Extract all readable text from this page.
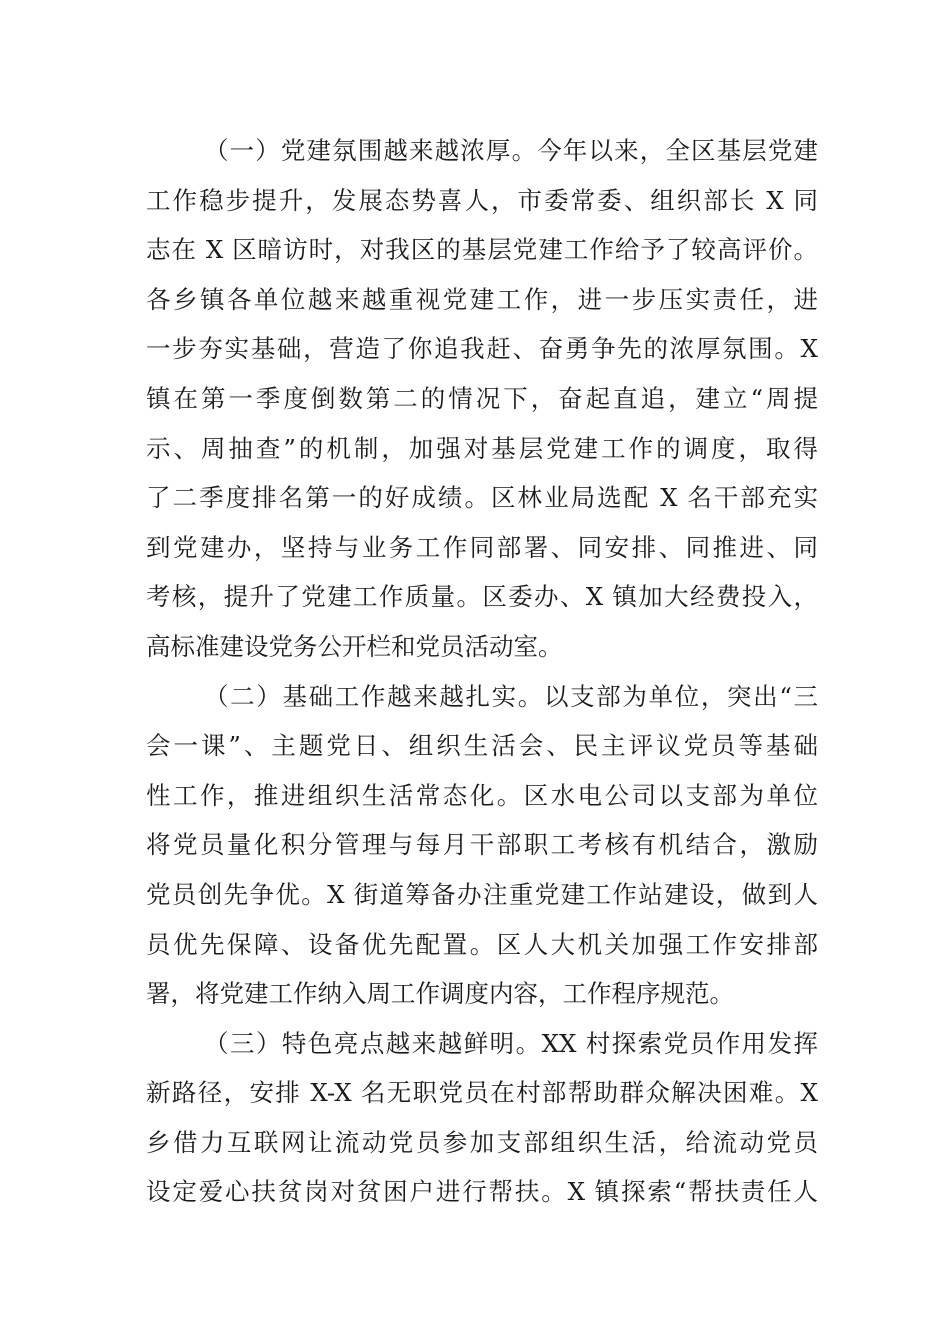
（一）党建氛围越来越浓厚。今年以来，全区基层党建
工作稳步提升，发展态势喜人，市委常委、组织部长 X 同
志在 X 区暗访时，对我区的基层党建工作给予了较高评价。
各乡镇各单位越来越重视党建工作，进一步压实责任，进
一步夯实基础，营造了你追我赶、奋勇争先的浓厚氛围。X
镇在第一季度倒数第二的情况下，奋起直追，建立“周提
示、周抽查”的机制，加强对基层党建工作的调度，取得
了二季度排名第一的好成绩。区林业局选配 X 名干部充实
到党建办，坚持与业务工作同部署、同安排、同推进、同
考核，提升了党建工作质量。区委办、X 镇加大经费投入，
高标准建设党务公开栏和党员活动室。
（二）基础工作越来越扎实。以支部为单位，突出“三
会一课”、主题党日、组织生活会、民主评议党员等基础
性工作，推进组织生活常态化。区水电公司以支部为单位
将党员量化积分管理与每月干部职工考核有机结合，激励
党员创先争优。X 街道筹备办注重党建工作站建设，做到人
员优先保障、设备优先配置。区人大机关加强工作安排部
署，将党建工作纳入周工作调度内容，工作程序规范。
（三）特色亮点越来越鲜明。XX 村探索党员作用发挥
新路径，安排 X-X 名无职党员在村部帮助群众解决困难。X
乡借力互联网让流动党员参加支部组织生活，给流动党员
设定爱心扶贫岗对贫困户进行帮扶。X 镇探索“帮扶责任人
